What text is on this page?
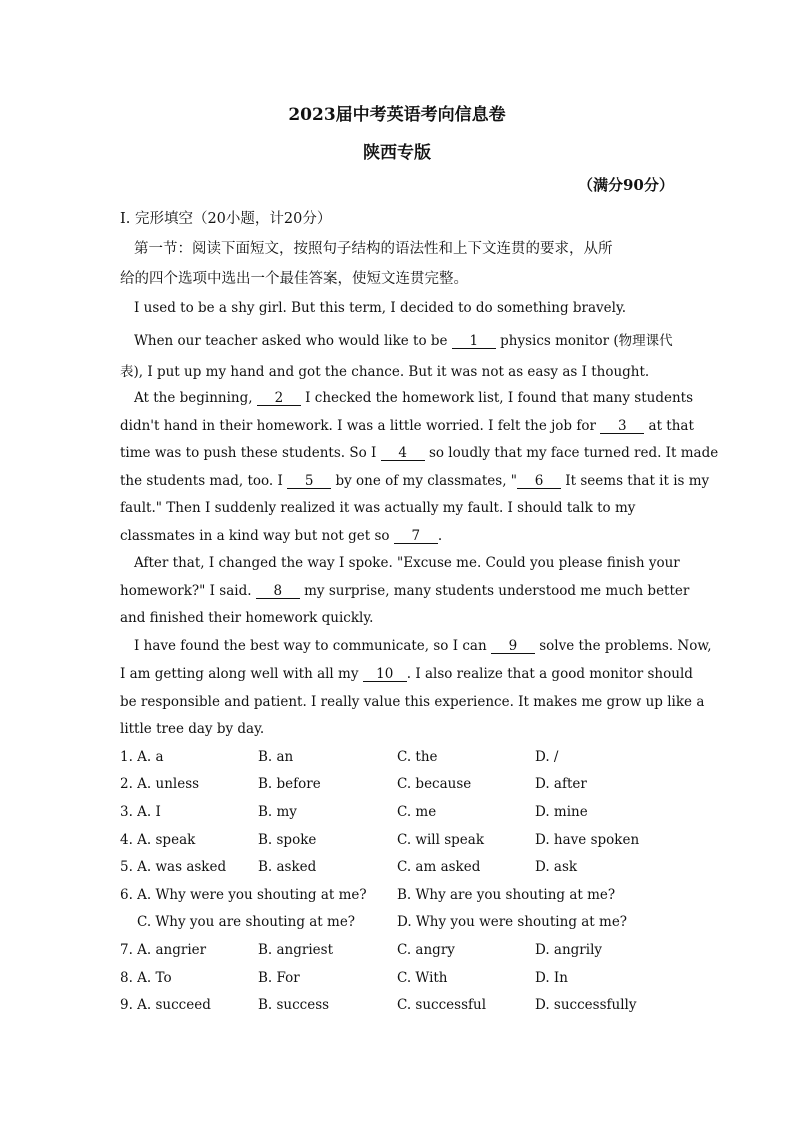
2023届中考英语考向信息卷
陕西专版
（满分90分）
Ⅰ. 完形填空（20小题，计20分）
第一节：阅读下面短文，按照句子结构的语法性和上下文连贯的要求，从所
给的四个选项中选出一个最佳答案，使短文连贯完整。
I used to be a shy girl. But this term, I decided to do something bravely.
When our teacher asked who would like to be 1 physics monitor (物理课代
表), I put up my hand and got the chance. But it was not as easy as I thought.
At the beginning, 2 I checked the homework list, I found that many students
didn't hand in their homework. I was a little worried. I felt the job for 3 at that
time was to push these students. So I 4 so loudly that my face turned red. It made
the students mad, too. I 5 by one of my classmates, " 6 It seems that it is my
fault." Then I suddenly realized it was actually my fault. I should talk to my
classmates in a kind way but not get so 7 .
After that, I changed the way I spoke. "Excuse me. Could you please finish your
homework?" I said. 8 my surprise, many students understood me much better
and finished their homework quickly.
I have found the best way to communicate, so I can 9 solve the problems. Now,
I am getting along well with all my 10 . I also realize that a good monitor should
be responsible and patient. I really value this experience. It makes me grow up like a
little tree day by day.
1. A. a	B. an	C. the	D. /
2. A. unless	B. before	C. because	D. after
3. A. I	B. my	C. me	D. mine
4. A. speak	B. spoke	C. will speak	D. have spoken
5. A. was asked B. asked	C. am asked	D. ask
6. A. Why were you shouting at me? B. Why are you shouting at me?
C. Why you are shouting at me?	D. Why you were shouting at me?
7. A. angrier	B. angriest	C. angry	D. angrily
8. A. To	B. For	C. With	D. In
9. A. succeed	B. success	C. successful	D. successfully
